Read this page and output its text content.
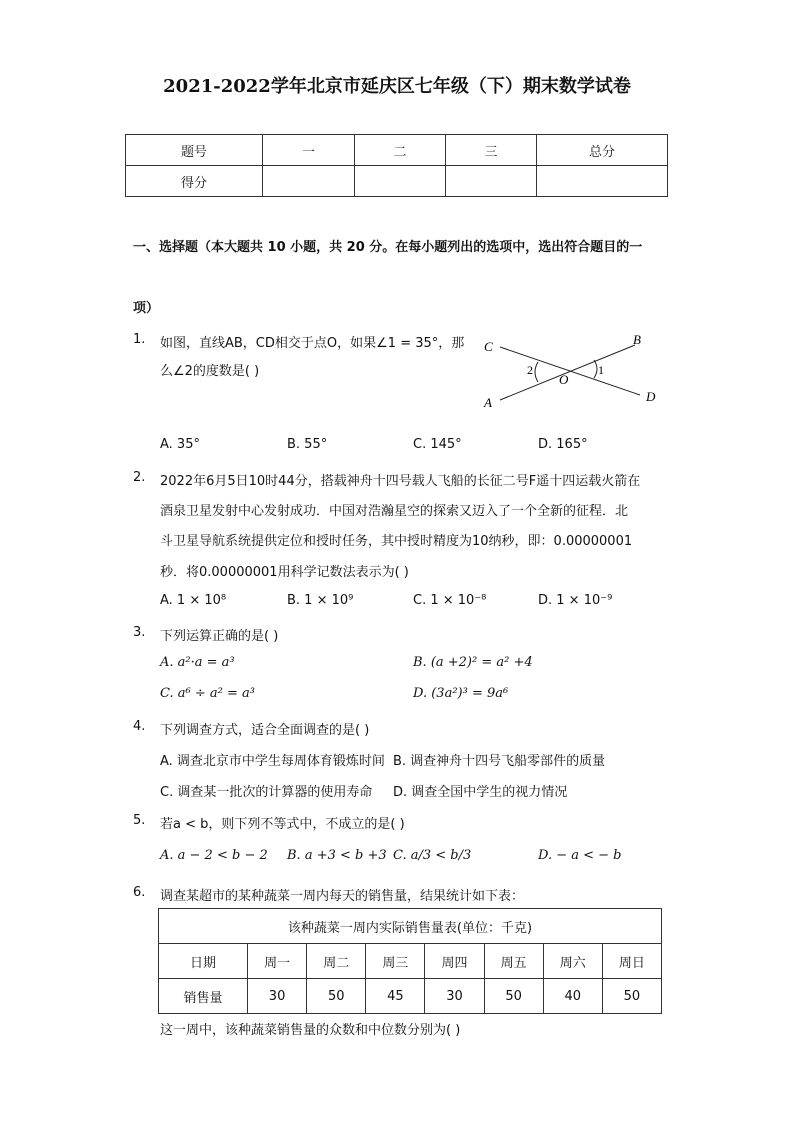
2021-2022学年北京市延庆区七年级（下）期末数学试卷
题号	一	二	三	总分
得分				
一、选择题（本大题共 10 小题，共 20 分。在每小题列出的选项中，选出符合题目的一
项）
1. 如图，直线AB，CD相交于点O，如果∠1 = 35°，那
么∠2的度数是( )
C	B
A	D
O
2	1
A. 35°	B. 55°	C. 145°	D. 165°
2. 2022年6月5日10时44分，搭载神舟十四号载人飞船的长征二号F遥十四运载火箭在
酒泉卫星发射中心发射成功．中国对浩瀚星空的探索又迈入了一个全新的征程．北
斗卫星导航系统提供定位和授时任务，其中授时精度为10纳秒，即：0.00000001
秒．将0.00000001用科学记数法表示为( )
A. 1 × 10⁸	B. 1 × 10⁹	C. 1 × 10⁻⁸	D. 1 × 10⁻⁹
3. 下列运算正确的是( )
A. a²·a = a³	B. (a +2)² = a² +4
C. a⁶ ÷ a² = a³	D. (3a²)³ = 9a⁶
4. 下列调查方式，适合全面调查的是( )
A. 调查北京市中学生每周体育锻炼时间 B. 调查神舟十四号飞船零部件的质量
C. 调查某一批次的计算器的使用寿命 D. 调查全国中学生的视力情况
5. 若a < b，则下列不等式中，不成立的是( )
A. a − 2 < b − 2 B. a +3 < b +3 C. a/3 < b/3	D. − a < − b
6. 调查某超市的某种蔬菜一周内每天的销售量，结果统计如下表：
该种蔬菜一周内实际销售量表(单位：千克)							
日期	周一	周二	周三	周四	周五	周六	周日
销售量	30	50	45	30	50	40	50
这一周中，该种蔬菜销售量的众数和中位数分别为( )
